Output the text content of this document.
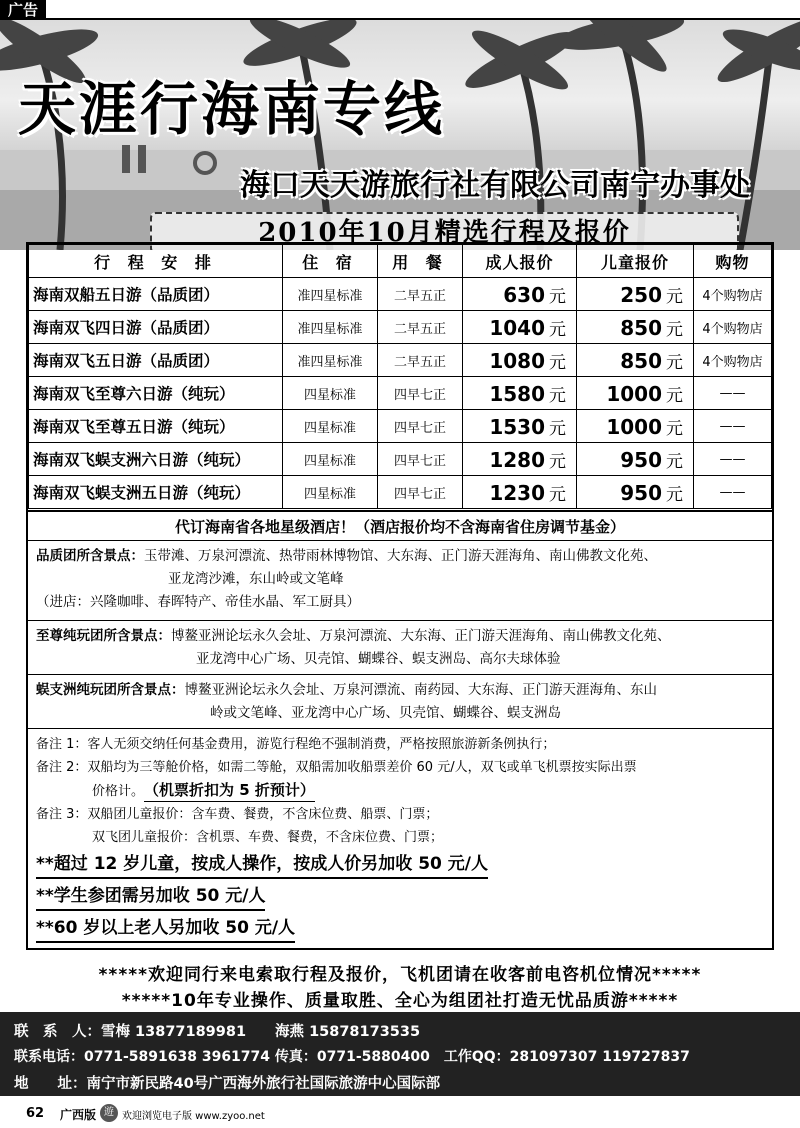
广告
天涯行海南专线
海口天天游旅行社有限公司南宁办事处
2010年10月精选行程及报价
行 程 安 排	住 宿	用 餐	成人报价	儿童报价	购物
海南双船五日游（品质团）	准四星标准	二早五正	630 元	250 元	4个购物店
海南双飞四日游（品质团）	准四星标准	二早五正	1040 元	850 元	4个购物店
海南双飞五日游（品质团）	准四星标准	二早五正	1080 元	850 元	4个购物店
海南双飞至尊六日游（纯玩）	四星标准	四早七正	1580 元	1000 元	——
海南双飞至尊五日游（纯玩）	四星标准	四早七正	1530 元	1000 元	——
海南双飞蜈支洲六日游（纯玩）	四星标准	四早七正	1280 元	950 元	——
海南双飞蜈支洲五日游（纯玩）	四星标准	四早七正	1230 元	950 元	——
代订海南省各地星级酒店！（酒店报价均不含海南省住房调节基金）
品质团所含景点：玉带滩、万泉河漂流、热带雨林博物馆、大东海、正门游天涯海角、南山佛教文化苑、
亚龙湾沙滩，东山岭或文笔峰
（进店：兴隆咖啡、春晖特产、帝佳水晶、军工厨具）
至尊纯玩团所含景点：博鳌亚洲论坛永久会址、万泉河漂流、大东海、正门游天涯海角、南山佛教文化苑、
亚龙湾中心广场、贝壳馆、蝴蝶谷、蜈支洲岛、高尔夫球体验
蜈支洲纯玩团所含景点：博鳌亚洲论坛永久会址、万泉河漂流、南药园、大东海、正门游天涯海角、东山
岭或文笔峰、亚龙湾中心广场、贝壳馆、蝴蝶谷、蜈支洲岛
备注 1：客人无须交纳任何基金费用，游览行程绝不强制消费，严格按照旅游新条例执行；
备注 2：双船均为三等舱价格，如需二等舱，双船需加收船票差价 60 元/人，双飞或单飞机票按实际出票
价格计。（机票折扣为 5 折预计）
备注 3：双船团儿童报价：含车费、餐费，不含床位费、船票、门票；
双飞团儿童报价：含机票、车费、餐费，不含床位费、门票；
**超过 12 岁儿童，按成人操作，按成人价另加收 50 元/人
**学生参团需另加收 50 元/人
**60 岁以上老人另加收 50 元/人
*****欢迎同行来电索取行程及报价，飞机团请在收客前电咨机位情况*****
*****10年专业操作、质量取胜、全心为组团社打造无忧品质游*****
联　系　人：雪梅 13877189981　　海燕 15878173535
联系电话：0771-5891638 3961774 传真：0771-5880400　工作QQ：281097307 119727837
地　　址：南宁市新民路40号广西海外旅行社国际旅游中心国际部
62 广西版 遊 欢迎浏览电子版 www.zyoo.net
